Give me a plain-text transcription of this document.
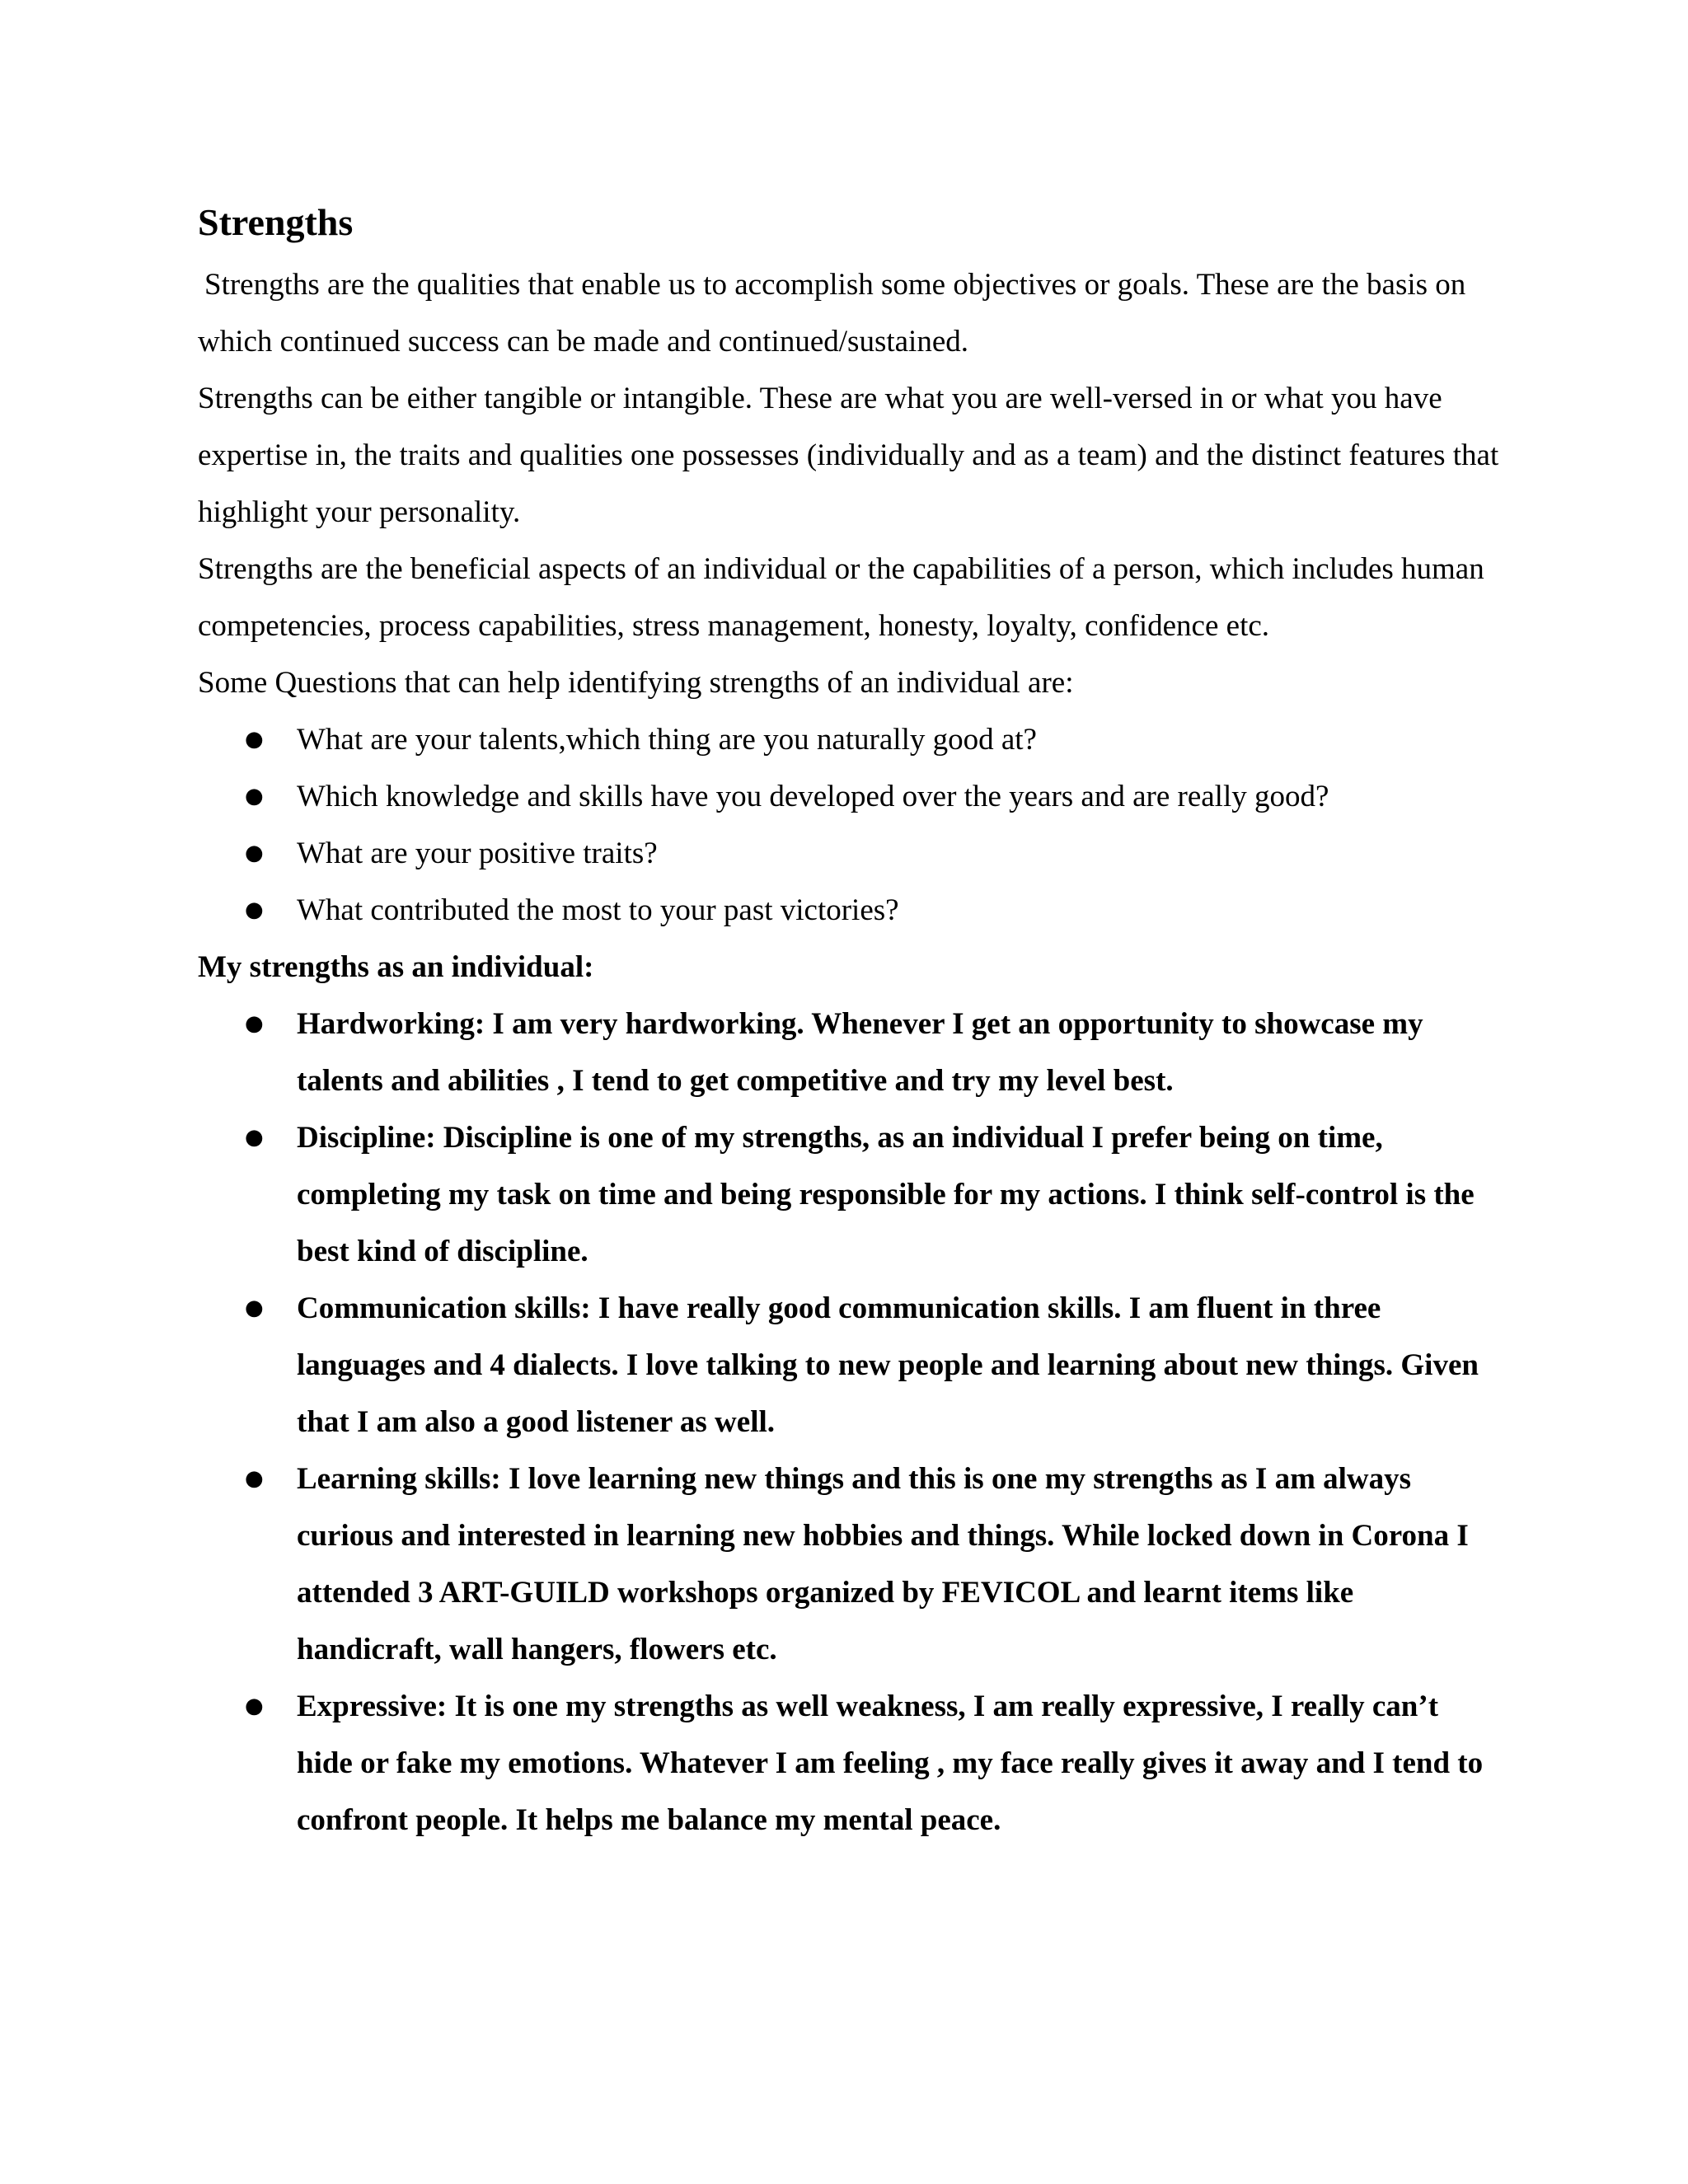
Strengths

Strengths are the qualities that enable us to accomplish some objectives or goals. These are the basis on which continued success can be made and continued/sustained.

Strengths can be either tangible or intangible. These are what you are well-versed in or what you have expertise in, the traits and qualities one possesses (individually and as a team) and the distinct features that highlight your personality.

Strengths are the beneficial aspects of an individual or the capabilities of a person, which includes human competencies, process capabilities, stress management, honesty, loyalty, confidence etc.

Some Questions that can help identifying strengths of an individual are:

● What are your talents,which thing are you naturally good at?
● Which knowledge and skills have you developed over the years and are really good?
● What are your positive traits?
● What contributed the most to your past victories?

My strengths as an individual:

● Hardworking: I am very hardworking. Whenever I get an opportunity to showcase my talents and abilities , I tend to get competitive and try my level best.
● Discipline: Discipline is one of my strengths, as an individual I prefer being on time, completing my task on time and being responsible for my actions. I think self-control is the best kind of discipline.
● Communication skills: I have really good communication skills. I am fluent in three languages and 4 dialects. I love talking to new people and learning about new things. Given that I am also a good listener as well.
● Learning skills: I love learning new things and this is one my strengths as I am always curious and interested in learning new hobbies and things. While locked down in Corona I attended 3 ART-GUILD workshops organized by FEVICOL and learnt items like handicraft, wall hangers, flowers etc.
● Expressive: It is one my strengths as well weakness, I am really expressive, I really can’t hide or fake my emotions. Whatever I am feeling , my face really gives it away and I tend to confront people. It helps me balance my mental peace.
